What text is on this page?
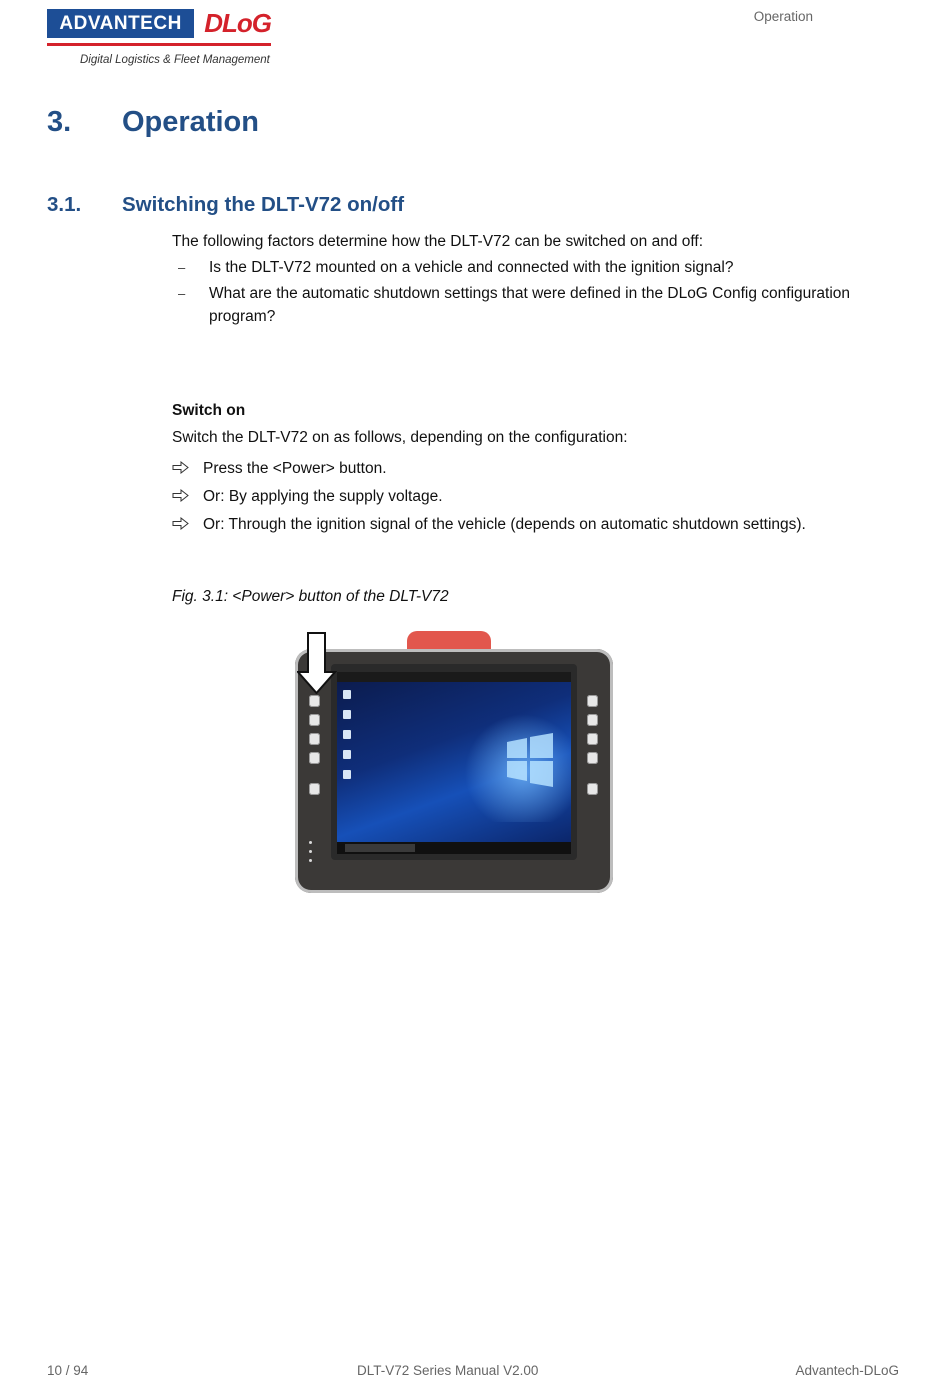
ADVANTECH DLoG
Digital Logistics & Fleet Management
Operation
3. Operation
3.1. Switching the DLT-V72 on/off
The following factors determine how the DLT-V72 can be switched on and off:
– Is the DLT-V72 mounted on a vehicle and connected with the ignition signal?
– What are the automatic shutdown settings that were defined in the DLoG Config configuration program?
Switch on
Switch the DLT-V72 on as follows, depending on the configuration:
Press the <Power> button.
Or: By applying the supply voltage.
Or: Through the ignition signal of the vehicle (depends on automatic shutdown settings).
Fig. 3.1: <Power> button of the DLT-V72
10 / 94	DLT-V72 Series Manual V2.00	Advantech-DLoG
